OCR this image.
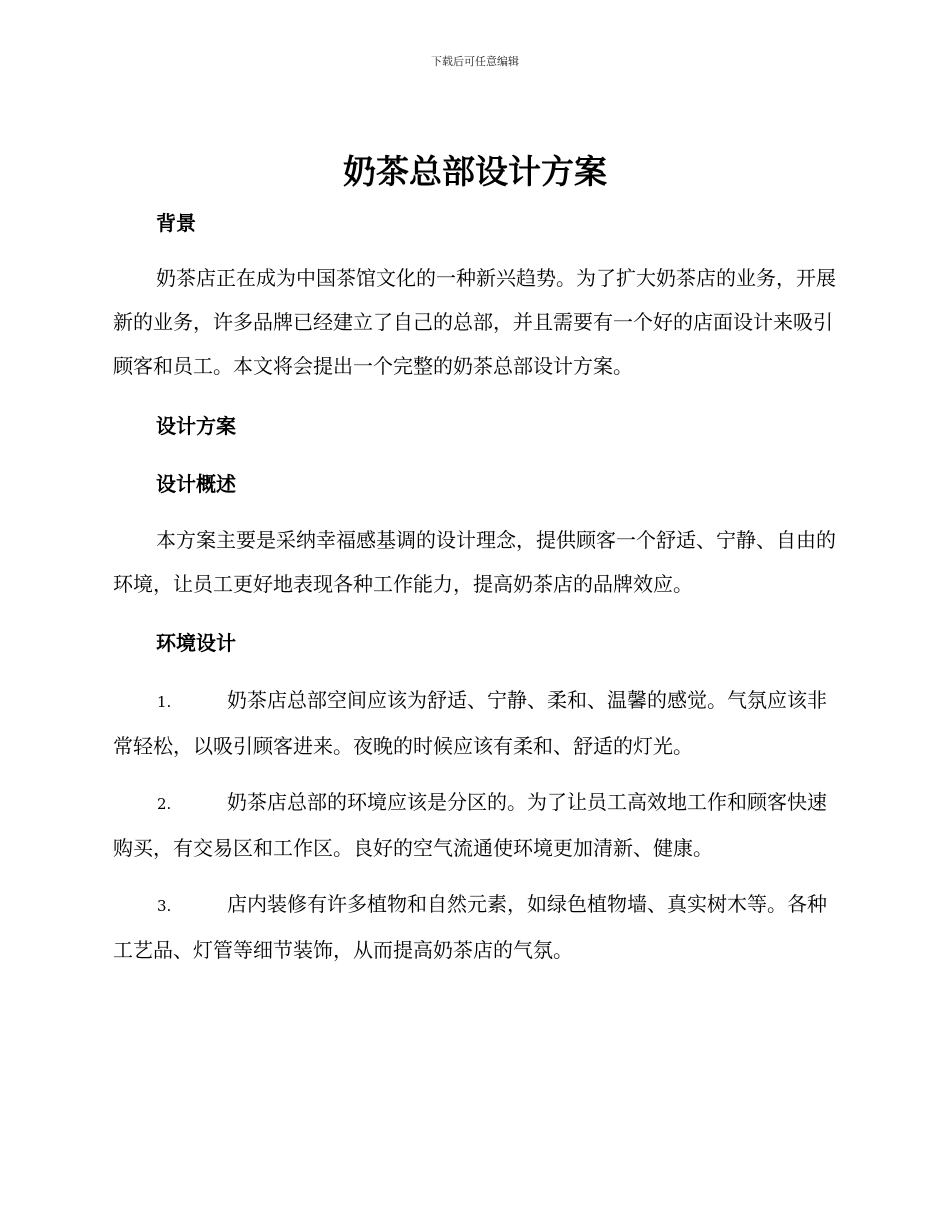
下载后可任意编辑
奶茶总部设计方案
背景

奶茶店正在成为中国茶馆文化的一种新兴趋势。为了扩大奶茶店的业务，开展新的业务，许多品牌已经建立了自己的总部，并且需要有一个好的店面设计来吸引顾客和员工。本文将会提出一个完整的奶茶总部设计方案。

设计方案
设计概述

本方案主要是采纳幸福感基调的设计理念，提供顾客一个舒适、宁静、自由的环境，让员工更好地表现各种工作能力，提高奶茶店的品牌效应。

环境设计

1.	奶茶店总部空间应该为舒适、宁静、柔和、温馨的感觉。气氛应该非常轻松，以吸引顾客进来。夜晚的时候应该有柔和、舒适的灯光。

2.	奶茶店总部的环境应该是分区的。为了让员工高效地工作和顾客快速购买，有交易区和工作区。良好的空气流通使环境更加清新、健康。

3.	店内装修有许多植物和自然元素，如绿色植物墙、真实树木等。各种工艺品、灯管等细节装饰，从而提高奶茶店的气氛。
